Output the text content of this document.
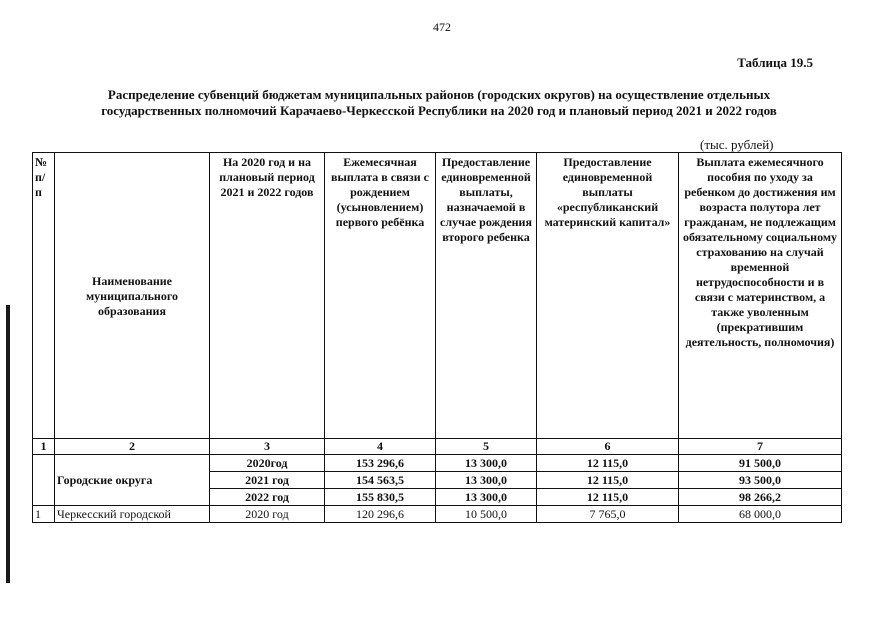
472
Таблица 19.5
Распределение субвенций бюджетам муниципальных районов (городских округов) на осуществление отдельных
государственных полномочий Карачаево-Черкесской Республики на 2020 год и плановый период 2021 и 2022 годов
(тыс. рублей)
№ п/п	Наименование муниципального образования	На 2020 год и на плановый период 2021 и 2022 годов	Ежемесячная выплата в связи с рождением (усыновлением) первого ребёнка	Предоставление единовременной выплаты, назначаемой в случае рождения второго ребенка	Предоставление единовременной выплаты «республиканский материнский капитал»	Выплата ежемесячного пособия по уходу за ребенком до достижения им возраста полутора лет гражданам, не подлежащим обязательному социальному страхованию на случай временной нетрудоспособности и в связи с материнством, а также уволенным (прекратившим деятельность, полномочия)
1	2	3	4	5	6	7
	Городские округа	2020год	153 296,6	13 300,0	12 115,0	91 500,0
		2021 год	154 563,5	13 300,0	12 115,0	93 500,0
		2022 год	155 830,5	13 300,0	12 115,0	98 266,2
1	Черкесский городской	2020 год	120 296,6	10 500,0	7 765,0	68 000,0
